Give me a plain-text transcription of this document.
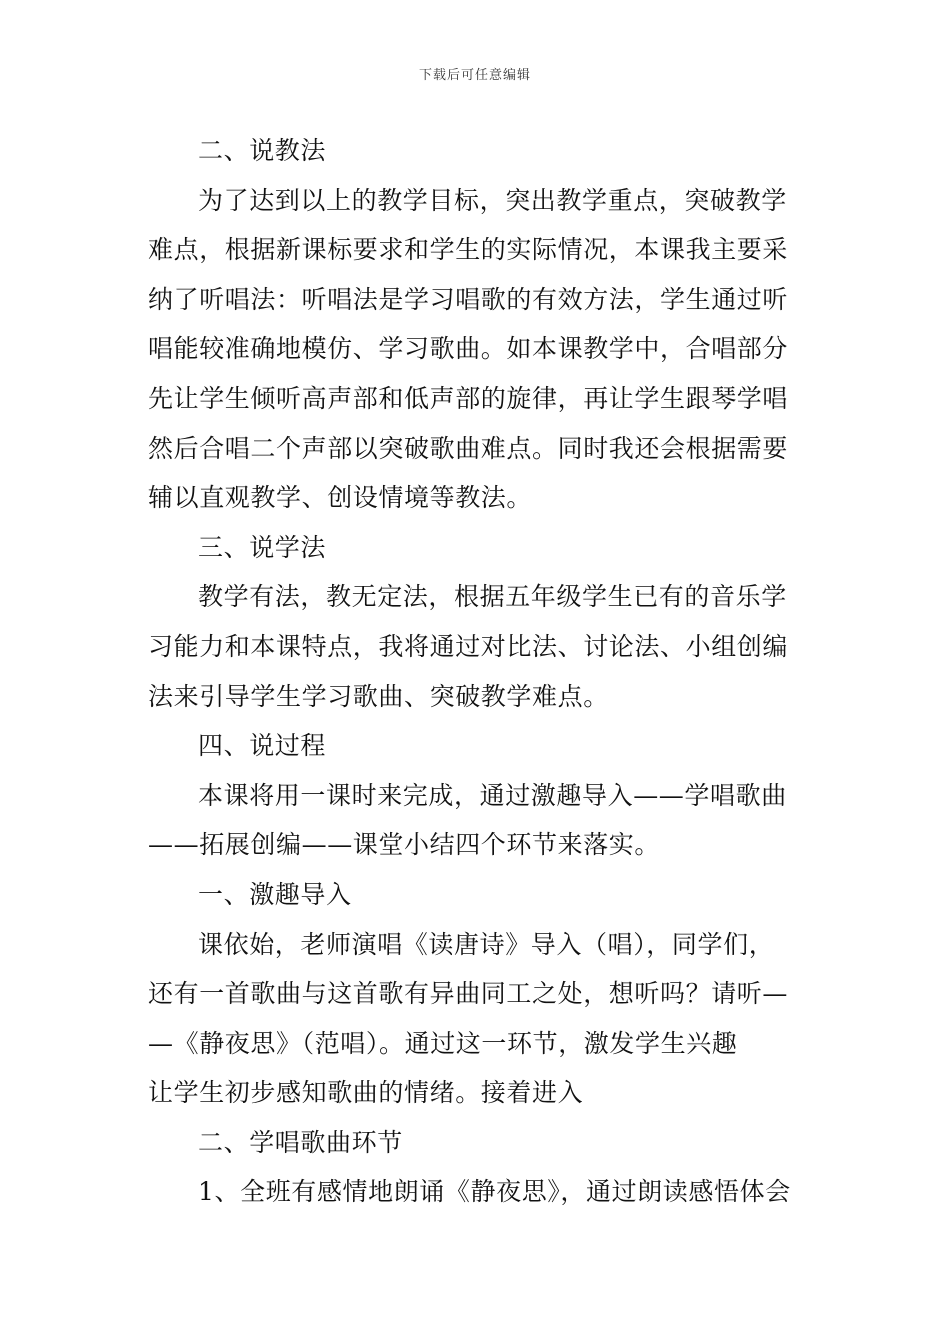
下载后可任意编辑
二、说教法
为了达到以上的教学目标，突出教学重点，突破教学
难点，根据新课标要求和学生的实际情况，本课我主要采
纳了听唱法：听唱法是学习唱歌的有效方法，学生通过听
唱能较准确地模仿、学习歌曲。如本课教学中，合唱部分
先让学生倾听高声部和低声部的旋律，再让学生跟琴学唱
然后合唱二个声部以突破歌曲难点。同时我还会根据需要
辅以直观教学、创设情境等教法。
三、说学法
教学有法，教无定法，根据五年级学生已有的音乐学
习能力和本课特点，我将通过对比法、讨论法、小组创编
法来引导学生学习歌曲、突破教学难点。
四、说过程
本课将用一课时来完成，通过激趣导入——学唱歌曲
——拓展创编——课堂小结四个环节来落实。
一、激趣导入
课依始，老师演唱《读唐诗》导入（唱），同学们，
还有一首歌曲与这首歌有异曲同工之处，想听吗？请听—
—《静夜思》（范唱）。通过这一环节，激发学生兴趣
让学生初步感知歌曲的情绪。接着进入
二、学唱歌曲环节
1、全班有感情地朗诵《静夜思》，通过朗读感悟体会
